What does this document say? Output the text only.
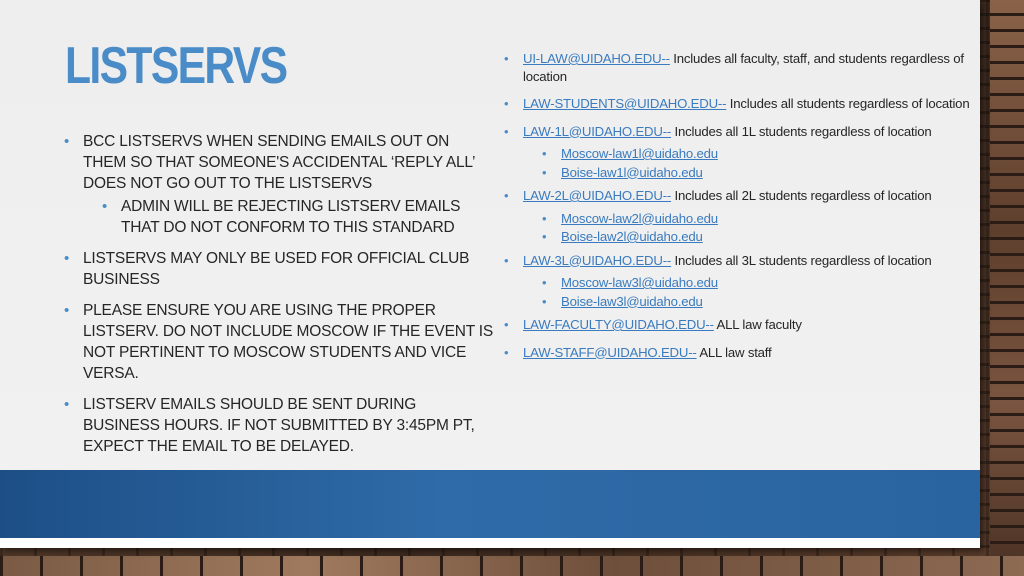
LISTSERVS
• BCC LISTSERVS WHEN SENDING EMAILS OUT ON THEM SO THAT SOMEONE'S ACCIDENTAL ‘REPLY ALL’ DOES NOT GO OUT TO THE LISTSERVS
• ADMIN WILL BE REJECTING LISTSERV EMAILS THAT DO NOT CONFORM TO THIS STANDARD
• LISTSERVS MAY ONLY BE USED FOR OFFICIAL CLUB BUSINESS
• PLEASE ENSURE YOU ARE USING THE PROPER LISTSERV. DO NOT INCLUDE MOSCOW IF THE EVENT IS NOT PERTINENT TO MOSCOW STUDENTS AND VICE VERSA.
• LISTSERV EMAILS SHOULD BE SENT DURING BUSINESS HOURS. IF NOT SUBMITTED BY 3:45PM PT, EXPECT THE EMAIL TO BE DELAYED.
• UI-LAW@UIDAHO.EDU-- Includes all faculty, staff, and students regardless of location
• LAW-STUDENTS@UIDAHO.EDU-- Includes all students regardless of location
• LAW-1L@UIDAHO.EDU-- Includes all 1L students regardless of location
• Moscow-law1l@uidaho.edu
• Boise-law1l@uidaho.edu
• LAW-2L@UIDAHO.EDU-- Includes all 2L students regardless of location
• Moscow-law2l@uidaho.edu
• Boise-law2l@uidaho.edu
• LAW-3L@UIDAHO.EDU-- Includes all 3L students regardless of location
• Moscow-law3l@uidaho.edu
• Boise-law3l@uidaho.edu
• LAW-FACULTY@UIDAHO.EDU-- ALL law faculty
• LAW-STAFF@UIDAHO.EDU-- ALL law staff
